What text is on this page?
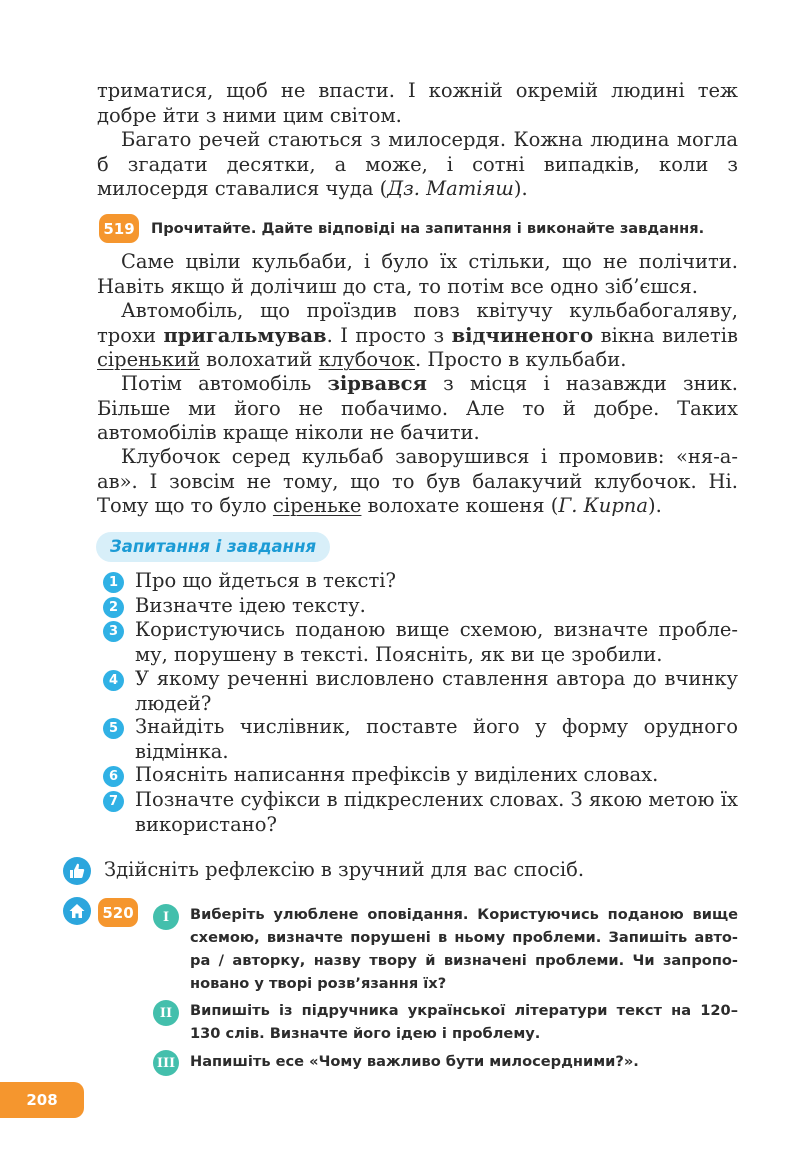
триматися, щоб не впасти. І кожній окремій людині теж добре йти з ними цим світом.

Багато речей стаються з милосердя. Кожна людина могла б згадати десятки, а може, і сотні випадків, коли з милосердя ставалися чуда (Дз. Матіяш).

519 Прочитайте. Дайте відповіді на запитання і виконайте завдання.

Саме цвіли кульбаби, і було їх стільки, що не полічити. Навіть якщо й долічиш до ста, то потім все одно зіб’єшся.

Автомобіль, що проїздив повз квітучу кульбабогаляву, трохи пригальмував. І просто з відчиненого вікна вилетів сіренький волохатий клубочок. Просто в кульбаби.

Потім автомобіль зірвався з місця і назавжди зник. Більше ми його не побачимо. Але то й добре. Таких автомобілів краще ніколи не бачити.

Клубочок серед кульбаб заворушився і промовив: «ня-а-ав». І зовсім не тому, що то був балакучий клубочок. Ні. Тому що то було сіреньке волохате кошеня (Г. Кирпа).

Запитання і завдання
1 Про що йдеться в тексті?

2 Визначте ідею тексту.

3 Користуючись поданою вище схемою, визначте пробле-му, порушену в тексті. Поясніть, як ви це зробили.

4 У якому реченні висловлено ставлення автора до вчинку людей?

5 Знайдіть числівник, поставте його у форму орудного відмінка.

6 Поясніть написання префіксів у виділених словах.

7 Позначте суфікси в підкреслених словах. З якою метою їх використано?

Здійсніть рефлексію в зручний для вас спосіб.

520	I	Виберіть улюблене оповідання. Користуючись поданою вище схемою, визначте порушені в ньому проблеми. Запишіть авто-ра / авторку, назву твору й визначені проблеми. Чи запропо-новано у творі розв’язання їх?

II	Випишіть із підручника української літератури текст на 120–130 слів. Визначте його ідею і проблему.

III Напишіть есе «Чому важливо бути милосердними?».

208
